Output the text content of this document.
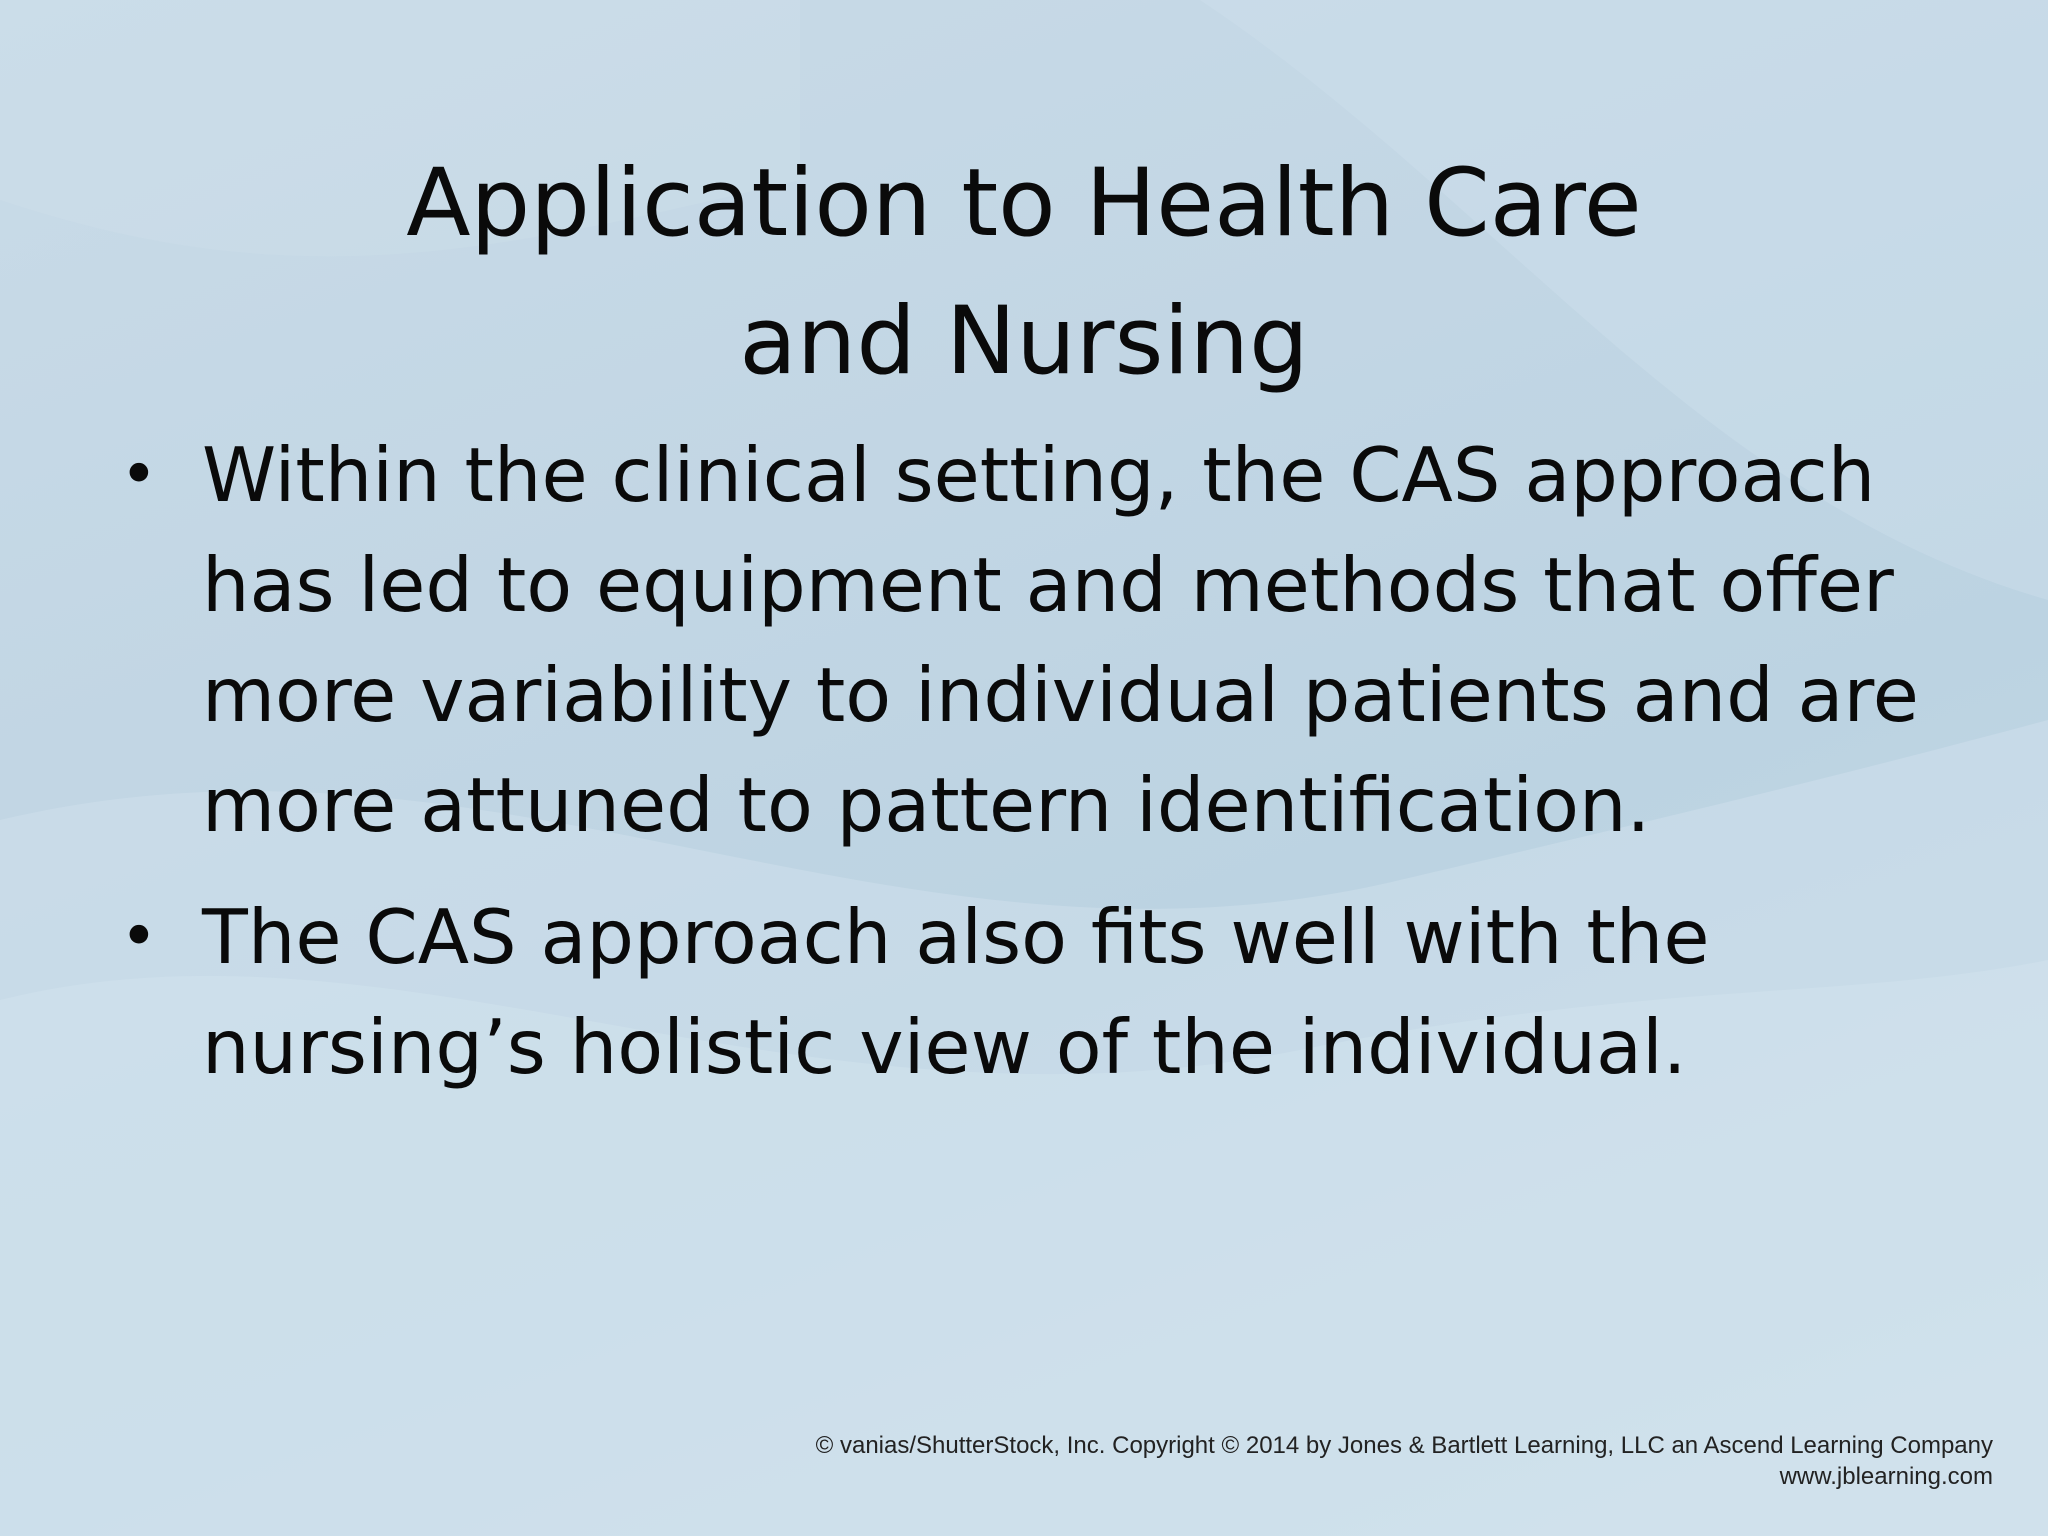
Application to Health Care
and Nursing
• Within the clinical setting, the CAS approach has led to equipment and methods that offer more variability to individual patients and are more attuned to pattern identification.
• The CAS approach also fits well with the nursing’s holistic view of the individual.
© vanias/ShutterStock, Inc. Copyright © 2014 by Jones & Bartlett Learning, LLC an Ascend Learning Company
www.jblearning.com
